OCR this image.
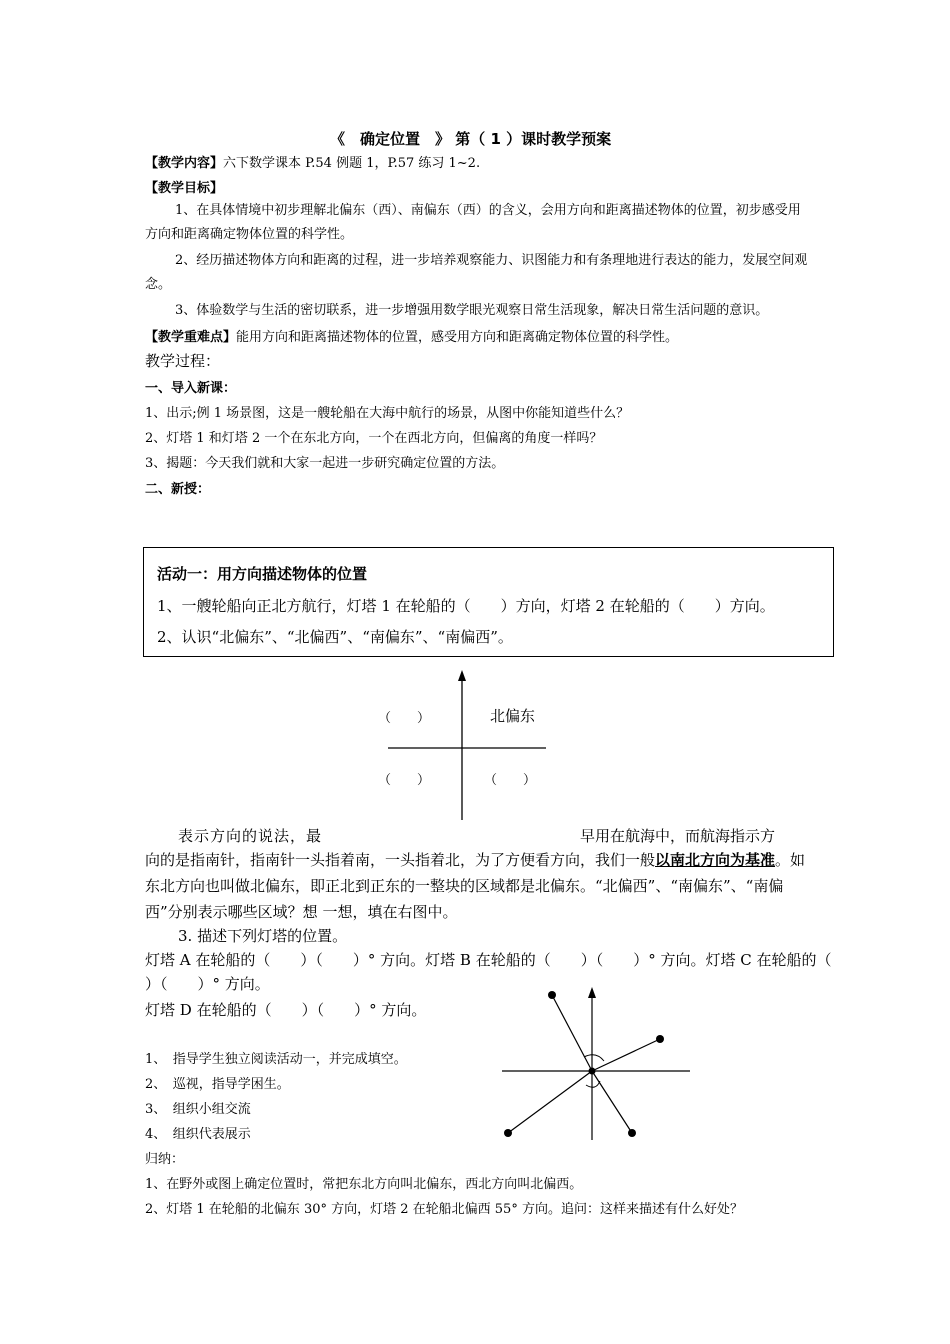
《　确定位置　》 第（ 1 ）课时教学预案
【教学内容】六下数学课本 P.54 例题 1，P.57 练习 1~2.
【教学目标】
1、在具体情境中初步理解北偏东（西）、南偏东（西）的含义，会用方向和距离描述物体的位置，初步感受用方向和距离确定物体位置的科学性。
2、经历描述物体方向和距离的过程，进一步培养观察能力、识图能力和有条理地进行表达的能力，发展空间观念。
3、体验数学与生活的密切联系，进一步增强用数学眼光观察日常生活现象，解决日常生活问题的意识。
【教学重难点】能用方向和距离描述物体的位置，感受用方向和距离确定物体位置的科学性。
教学过程：
一、导入新课：
1、出示;例 1 场景图，这是一艘轮船在大海中航行的场景，从图中你能知道些什么？
2、灯塔 1 和灯塔 2 一个在东北方向，一个在西北方向，但偏离的角度一样吗？
3、揭题：今天我们就和大家一起进一步研究确定位置的方法。
二、新授：
活动一：用方向描述物体的位置
1、一艘轮船向正北方航行，灯塔 1 在轮船的（　　）方向，灯塔 2 在轮船的（　　）方向。
2、认识“北偏东”、“北偏西”、“南偏东”、“南偏西”。
（　　）	北偏东
（　　）	（　　）
表示方向的说法，最	早用在航海中，而航海指示方
向的是指南针，指南针一头指着南，一头指着北，为了方便看方向，我们一般以南北方向为基准。如东北方向也叫做北偏东，即正北到正东的一整块的区域都是北偏东。“北偏西”、“南偏东”、“南偏西”分别表示哪些区域？想 一想，填在右图中。
3. 描述下列灯塔的位置。
灯塔 A 在轮船的（　　）（　　）° 方向。灯塔 B 在轮船的（　　）（　　）° 方向。灯塔 C 在轮船的（
）（　　）° 方向。
灯塔 D 在轮船的（　　）（　　）° 方向。
1、　指导学生独立阅读活动一，并完成填空。
2、　巡视，指导学困生。
3、　组织小组交流
4、　组织代表展示
归纳：
1、在野外或图上确定位置时，常把东北方向叫北偏东，西北方向叫北偏西。
2、灯塔 1 在轮船的北偏东 30° 方向，灯塔 2 在轮船北偏西 55° 方向。追问：这样来描述有什么好处？
